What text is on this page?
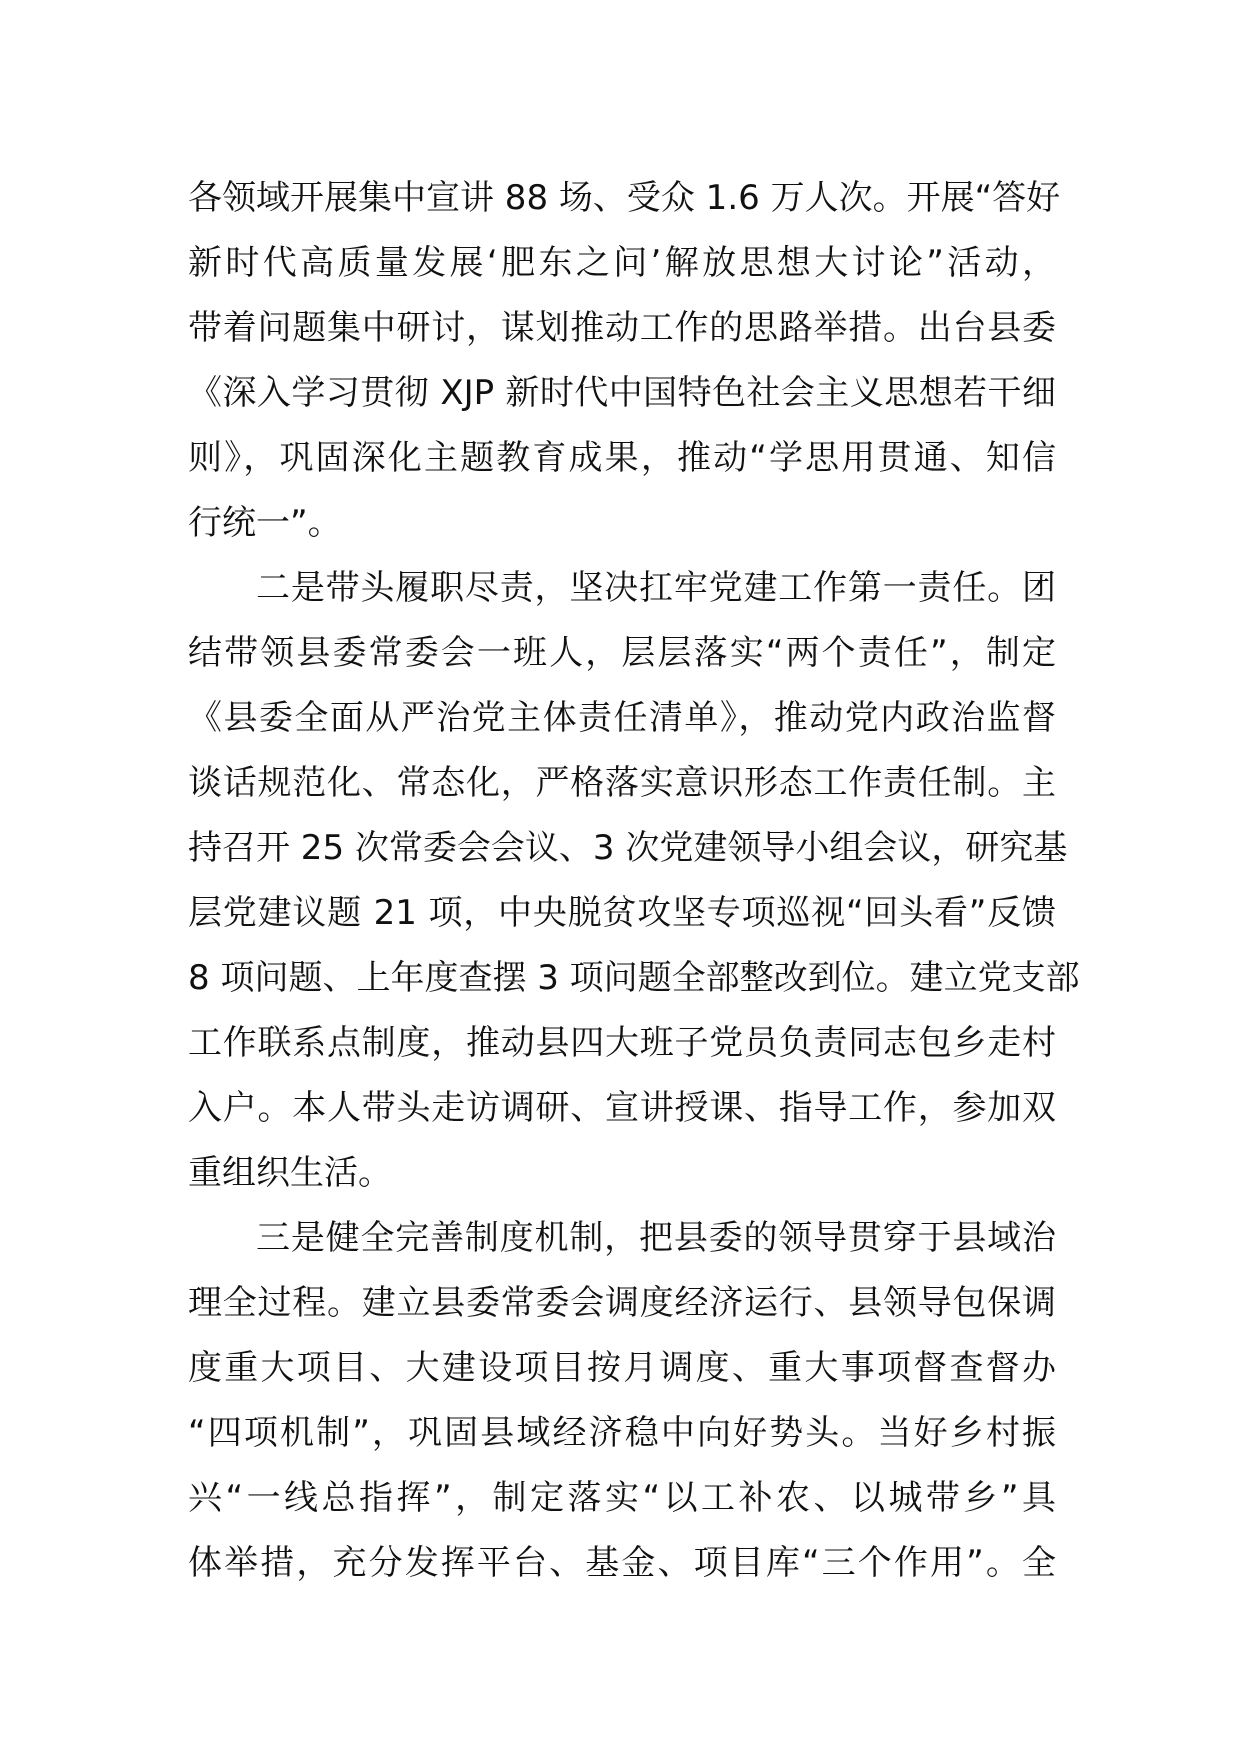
各领域开展集中宣讲 88 场、受众 1.6 万人次。开展“答好
新时代高质量发展‘肥东之问’解放思想大讨论”活动，
带着问题集中研讨，谋划推动工作的思路举措。出台县委
《深入学习贯彻 XJP 新时代中国特色社会主义思想若干细
则》，巩固深化主题教育成果，推动“学思用贯通、知信
行统一”。
二是带头履职尽责，坚决扛牢党建工作第一责任。团
结带领县委常委会一班人，层层落实“两个责任”，制定
《县委全面从严治党主体责任清单》，推动党内政治监督
谈话规范化、常态化，严格落实意识形态工作责任制。主
持召开 25 次常委会会议、3 次党建领导小组会议，研究基
层党建议题 21 项，中央脱贫攻坚专项巡视“回头看”反馈
8 项问题、上年度查摆 3 项问题全部整改到位。建立党支部
工作联系点制度，推动县四大班子党员负责同志包乡走村
入户。本人带头走访调研、宣讲授课、指导工作，参加双
重组织生活。
三是健全完善制度机制，把县委的领导贯穿于县域治
理全过程。建立县委常委会调度经济运行、县领导包保调
度重大项目、大建设项目按月调度、重大事项督查督办
“四项机制”，巩固县域经济稳中向好势头。当好乡村振
兴“一线总指挥”，制定落实“以工补农、以城带乡”具
体举措，充分发挥平台、基金、项目库“三个作用”。全
